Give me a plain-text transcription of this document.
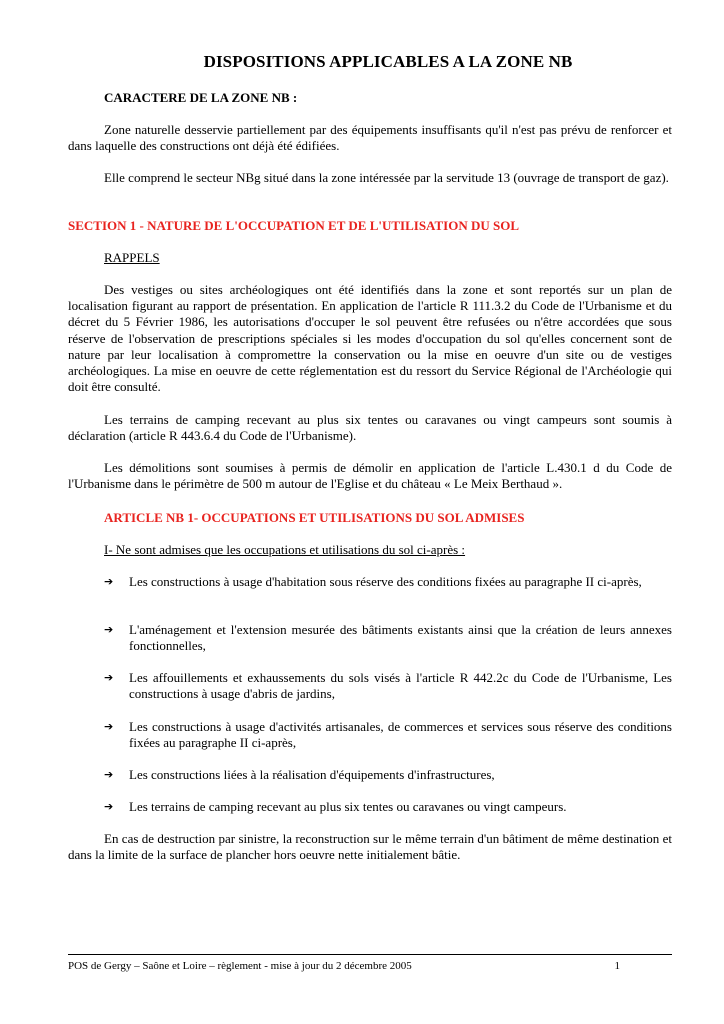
DISPOSITIONS APPLICABLES A LA ZONE NB
CARACTERE DE LA ZONE NB :

Zone naturelle desservie partiellement par des équipements insuffisants qu'il n'est pas prévu de renforcer et dans laquelle des constructions ont déjà été édifiées.

Elle comprend le secteur NBg situé dans la zone intéressée par la servitude 13 (ouvrage de transport de gaz).

SECTION 1 - NATURE DE L'OCCUPATION ET DE L'UTILISATION DU SOL
RAPPELS

Des vestiges ou sites archéologiques ont été identifiés dans la zone et sont reportés sur un plan de localisation figurant au rapport de présentation. En application de l'article R 111.3.2 du Code de l'Urbanisme et du décret du 5 Février 1986, les autorisations d'occuper le sol peuvent être refusées ou n'être accordées que sous réserve de l'observation de prescriptions spéciales si les modes d'occupation du sol qu'elles concernent sont de nature par leur localisation à compromettre la conservation ou la mise en oeuvre d'un site ou de vestiges archéologiques. La mise en oeuvre de cette réglementation est du ressort du Service Régional de l'Archéologie qui doit être consulté.

Les terrains de camping recevant au plus six tentes ou caravanes ou vingt campeurs sont soumis à déclaration (article R 443.6.4 du Code de l'Urbanisme).

Les démolitions sont soumises à permis de démolir en application de l'article L.430.1 d du Code de l'Urbanisme dans le périmètre de 500 m autour de l'Eglise et du château « Le Meix Berthaud ».

ARTICLE NB 1- OCCUPATIONS ET UTILISATIONS DU SOL ADMISES
I- Ne sont admises que les occupations et utilisations du sol ci-après :
➔ Les constructions à usage d'habitation sous réserve des conditions fixées au paragraphe II ci-après,

➔ L'aménagement et l'extension mesurée des bâtiments existants ainsi que la création de leurs annexes fonctionnelles,

➔ Les affouillements et exhaussements du sols visés à l'article R 442.2c du Code de l'Urbanisme, Les constructions à usage d'abris de jardins,

➔ Les constructions à usage d'activités artisanales, de commerces et services sous réserve des conditions fixées au paragraphe II ci-après,

➔ Les constructions liées à la réalisation d'équipements d'infrastructures,

➔ Les terrains de camping recevant au plus six tentes ou caravanes ou vingt campeurs.

En cas de destruction par sinistre, la reconstruction sur le même terrain d'un bâtiment de même destination et dans la limite de la surface de plancher hors oeuvre nette initialement bâtie.

POS de Gergy – Saône et Loire – règlement - mise à jour du 2 décembre 2005	1
